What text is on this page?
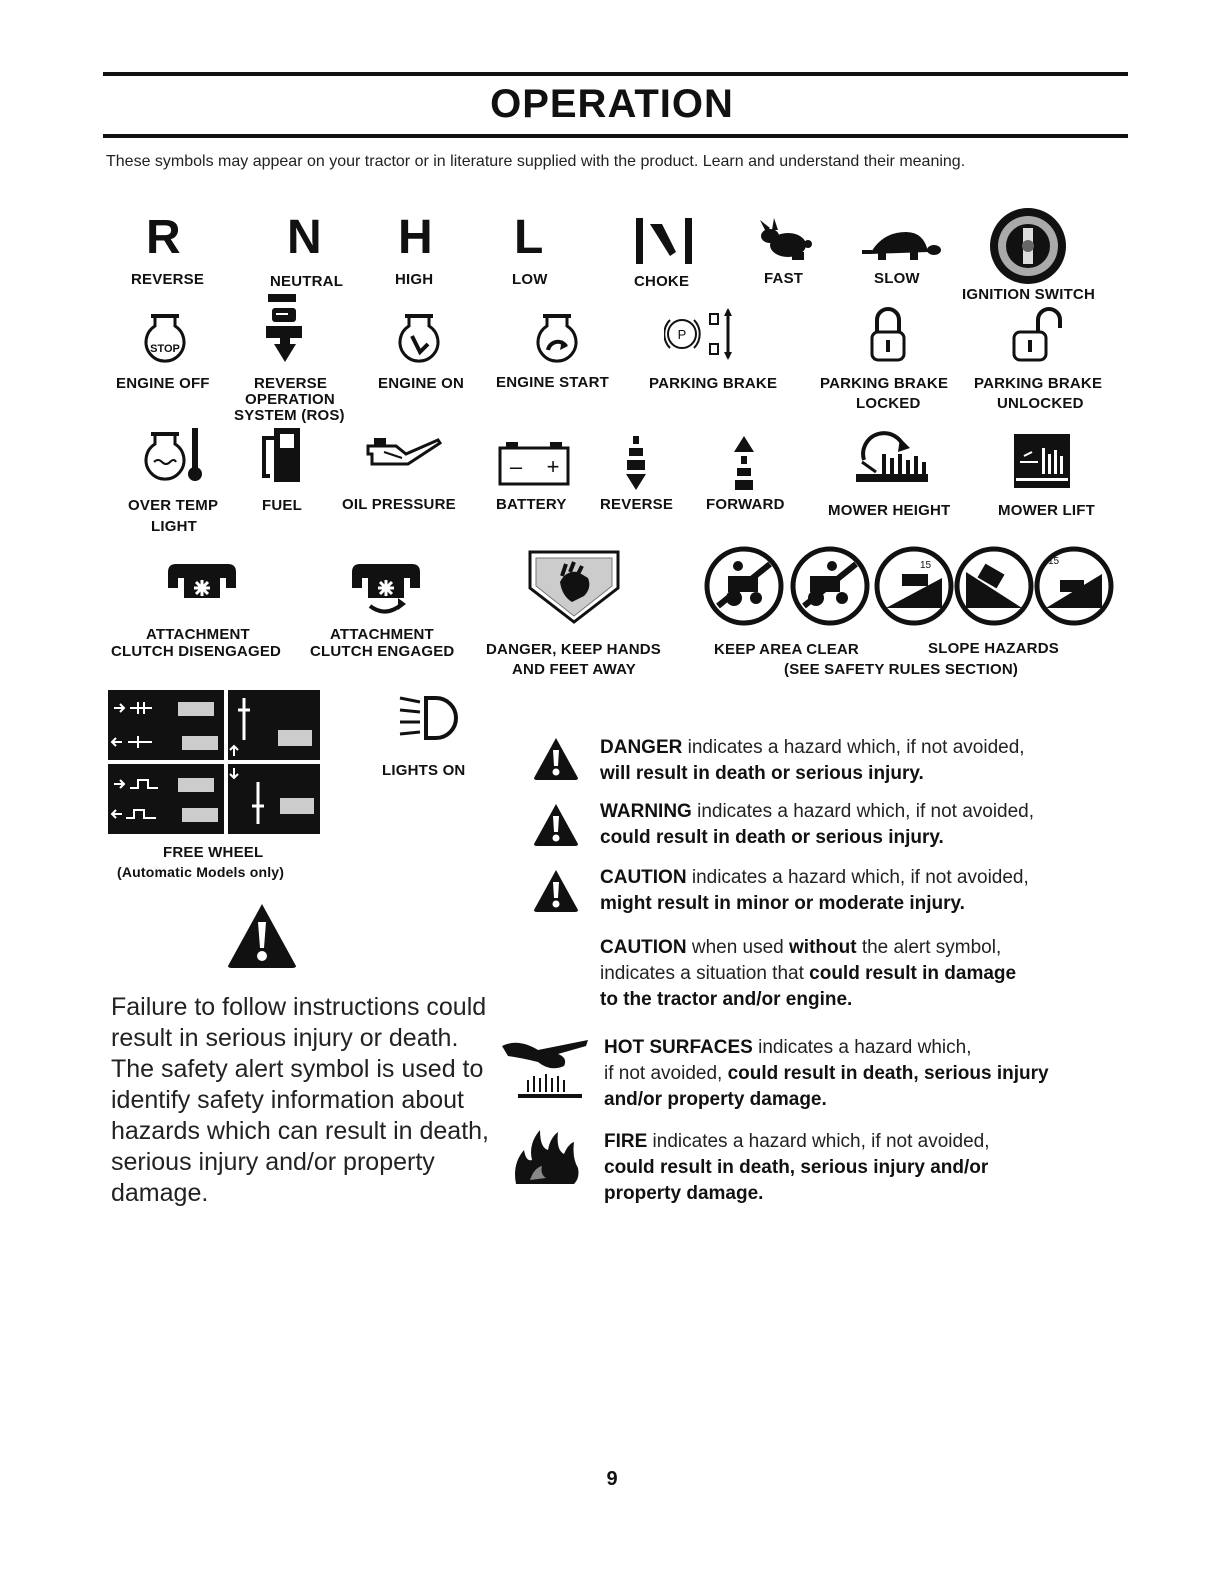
OPERATION
These symbols may appear on your tractor or in literature supplied with the product. Learn and understand their meaning.
R N H L
REVERSE	NEUTRAL	HIGH	LOW	CHOKE	FAST	SLOW
IGNITION SWITCH
STOP
P
ENGINE OFF	REVERSE
OPERATION
SYSTEM (ROS)
ENGINE ON ENGINE START	PARKING BRAKE	PARKING BRAKE
LOCKED
PARKING BRAKE
UNLOCKED
– +
OVER TEMP
LIGHT
FUEL	OIL PRESSURE	BATTERY REVERSE FORWARD	MOWER HEIGHT	MOWER LIFT
15	15
ATTACHMENT
CLUTCH DISENGAGED
ATTACHMENT
CLUTCH ENGAGED DANGER, KEEP HANDS
AND FEET AWAY
KEEP AREA CLEAR	SLOPE HAZARDS
(SEE SAFETY RULES SECTION)
FREE WHEEL
(Automatic Models only)
LIGHTS ON
Failure to follow instructions could result in serious injury or death. The safety alert symbol is used to identify safety information about hazards which can result in death, serious injury and/or property damage.
DANGER indicates a hazard which, if not avoided,
will result in death or serious injury.
WARNING indicates a hazard which, if not avoided,
could result in death or serious injury.
CAUTION indicates a hazard which, if not avoided,
might result in minor or moderate injury.
CAUTION when used without the alert symbol,
indicates a situation that could result in damage
to the tractor and/or engine.
HOT SURFACES indicates a hazard which,
if not avoided, could result in death, serious injury
and/or property damage.
FIRE indicates a hazard which, if not avoided,
could result in death, serious injury and/or
property damage.
9
